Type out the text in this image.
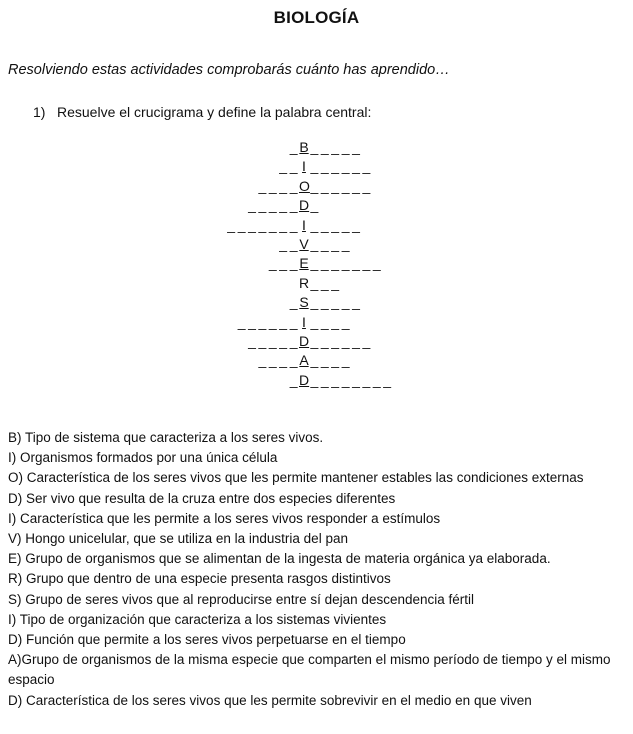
BIOLOGÍA
Resolviendo estas actividades comprobarás cuánto has aprendido…
1) Resuelve el crucigrama y define la palabra central:
_ B _ _ _ _ _
_ _ I _ _ _ _ _ _
_ _ _ _ O _ _ _ _ _ _
_ _ _ _ _ D _
_ _ _ _ _ _ _ I _ _ _ _ _
_ _ V _ _ _ _
_ _ _ E _ _ _ _ _ _ _
R _ _ _
_ S _ _ _ _ _
_ _ _ _ _ _ I _ _ _ _
_ _ _ _ _ D _ _ _ _ _ _
_ _ _ _ A _ _ _ _
_ D _ _ _ _ _ _ _ _

B) Tipo de sistema que caracteriza a los seres vivos.

I) Organismos formados por una única célula

O) Característica de los seres vivos que les permite mantener estables las condiciones externas

D) Ser vivo que resulta de la cruza entre dos especies diferentes

I) Característica que les permite a los seres vivos responder a estímulos

V) Hongo unicelular, que se utiliza en la industria del pan

E) Grupo de organismos que se alimentan de la ingesta de materia orgánica ya elaborada.

R) Grupo que dentro de una especie presenta rasgos distintivos

S) Grupo de seres vivos que al reproducirse entre sí dejan descendencia fértil

I) Tipo de organización que caracteriza a los sistemas vivientes

D) Función que permite a los seres vivos perpetuarse en el tiempo

A)Grupo de organismos de la misma especie que comparten el mismo período de tiempo y el mismo espacio

D) Característica de los seres vivos que les permite sobrevivir en el medio en que viven
